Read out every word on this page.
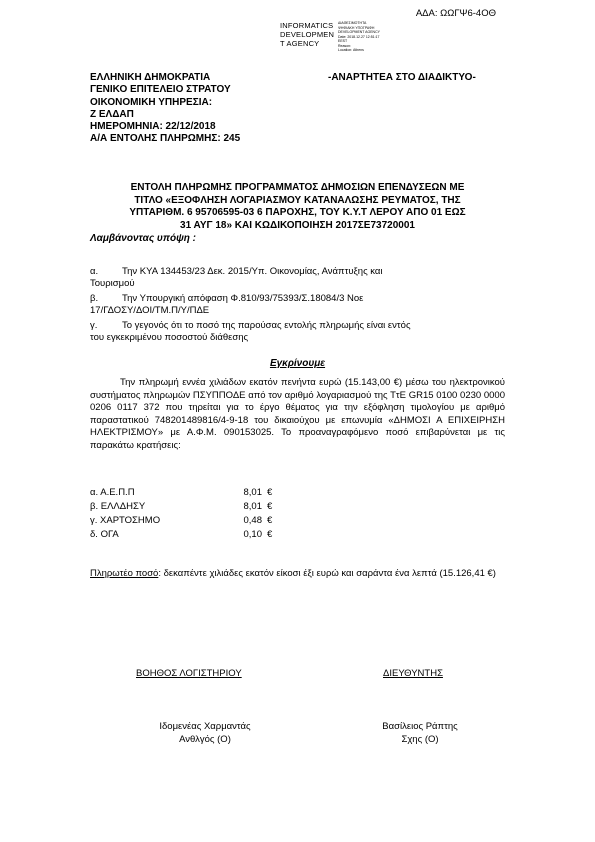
ΑΔΑ: ΩΩΓΨ6-4ΟΘ
INFORMATICS
DEVELOPMEN
T AGENCY
ΔΙΑΘΕΣΙΜΟΤΗΤΑ
ΨΗΦΙΑΚΗ ΥΠΟΓΡΑΦΗ
DEVELOPMENT AGENCY
Date: 2018.12.27 12:51:17
EEST
Reason:
Location: Athens
ΕΛΛΗΝΙΚΗ ΔΗΜΟΚΡΑΤΙΑ
ΓΕΝΙΚΟ ΕΠΙΤΕΛΕΙΟ ΣΤΡΑΤΟΥ
ΟΙΚΟΝΟΜΙΚΗ ΥΠΗΡΕΣΙΑ:
Ζ ΕΛΔΑΠ
ΗΜΕΡΟΜΗΝΙΑ: 22/12/2018
Α/Α ΕΝΤΟΛΗΣ ΠΛΗΡΩΜΗΣ: 245
-ΑΝΑΡΤΗΤΕΑ ΣΤΟ ΔΙΑΔΙΚΤΥΟ-
ΕΝΤΟΛΗ ΠΛΗΡΩΜΗΣ ΠΡΟΓΡΑΜΜΑΤΟΣ ΔΗΜΟΣΙΩΝ ΕΠΕΝΔΥΣΕΩΝ ΜΕ
ΤΙΤΛΟ «ΕΞΟΦΛΗΣΗ ΛΟΓΑΡΙΑΣΜΟΥ ΚΑΤΑΝΑΛΩΣΗΣ ΡΕΥΜΑΤΟΣ, ΤΗΣ
ΥΠΤΑΡΙΘΜ. 6 95706595-03 6 ΠΑΡΟΧΗΣ, ΤΟΥ Κ.Υ.Τ ΛΕΡΟΥ ΑΠΟ 01 ΕΩΣ
31 ΑΥΓ 18» ΚΑΙ ΚΩΔΙΚΟΠΟΙΗΣΗ 2017ΣΕ73720001
Λαμβάνοντας υπόψη :
α.	Την ΚΥΑ 134453/23 Δεκ. 2015/Υπ. Οικονομίας, Ανάπτυξης και
Τουρισμού
β.	Την Υπουργική απόφαση Φ.810/93/75393/Σ.18084/3 Νοε
17/ΓΔΟΣΥ/ΔΟΙ/ΤΜ.Π/Υ/ΠΔΕ
γ.	Το γεγονός ότι το ποσό της παρούσας εντολής πληρωμής είναι εντός
του εγκεκριμένου ποσοστού διάθεσης
Εγκρίνουμε
Την πληρωμή εννέα χιλιάδων εκατόν πενήντα ευρώ (15.143,00 €) μέσω του ηλεκτρονικού συστήματος πληρωμών ΠΣΥΠΠΟΔΕ από τον αριθμό λογαριασμού της ΤτΕ GR15 0100 0230 0000 0206 0117 372 που τηρείται για το έργο θέματος για την εξόφληση τιμολογίου με αριθμό παραστατικού 748201489816/4-9-18 του δικαιούχου με επωνυμία «ΔΗΜΟΣΙ Α ΕΠΙΧΕΙΡΗΣΗ ΗΛΕΚΤΡΙΣΜΟΥ» με Α.Φ.Μ. 090153025. Το προαναγραφόμενο ποσό επιβαρύνεται με τις παρακάτω κρατήσεις:
α. Α.Ε.Π.Π	8,01 €
β. ΕΛΛΔΗΣΥ	8,01 €
γ. ΧΑΡΤΟΣΗΜΟ	0,48 €
δ. ΟΓΑ	0,10 €
Πληρωτέο ποσό: δεκαπέντε χιλιάδες εκατόν είκοσι έξι ευρώ και σαράντα ένα λεπτά (15.126,41 €)
ΒΟΗΘΟΣ ΛΟΓΙΣΤΗΡΙΟΥ	ΔΙΕΥΘΥΝΤΗΣ
Ιδομενέας Χαρμαντάς
Ανθλγός (Ο)
Βασίλειος Ράπτης
Σχης (Ο)
